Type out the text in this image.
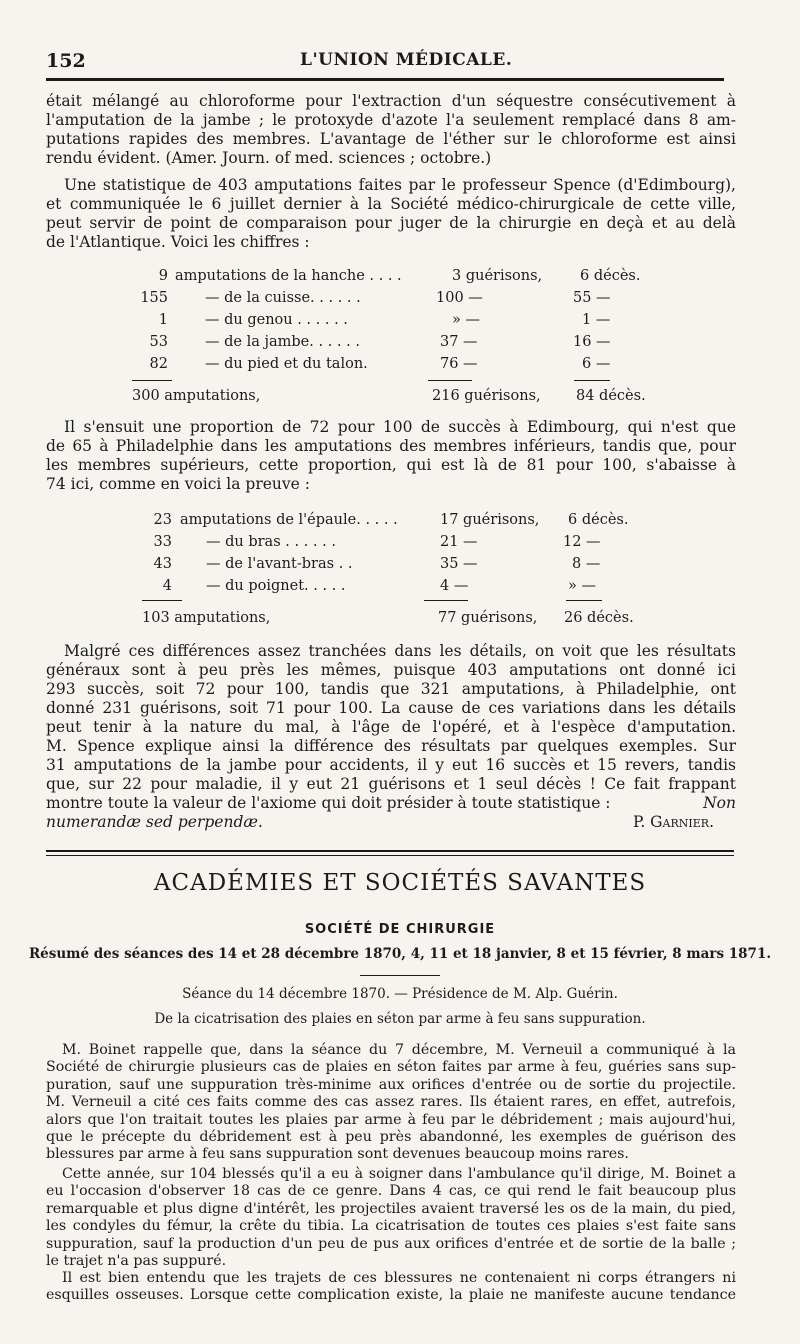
152	L'UNION MÉDICALE.
était mélangé au chloroforme pour l'extraction d'un séquestre consécutivement à
l'amputation de la jambe ; le protoxyde d'azote l'a seulement remplacé dans 8 am-
putations rapides des membres. L'avantage de l'éther sur le chloroforme est ainsi
rendu évident. (Amer. Journ. of med. sciences ; octobre.)
Une statistique de 403 amputations faites par le professeur Spence (d'Edimbourg),
et communiquée le 6 juillet dernier à la Société médico-chirurgicale de cette ville,
peut servir de point de comparaison pour juger de la chirurgie en deçà et au delà
de l'Atlantique. Voici les chiffres :
9 amputations de la hanche . . . .	3 guérisons,	6 décès.
155	— de la cuisse. . . . . .	100 —	55 —
1	— du genou . . . . . .	» —	1 —
53	— de la jambe. . . . . .	37 —	16 —
82	— du pied et du talon.	76 —	6 —
300 amputations,	216 guérisons, 84 décès.
Il s'ensuit une proportion de 72 pour 100 de succès à Edimbourg, qui n'est que
de 65 à Philadelphie dans les amputations des membres inférieurs, tandis que, pour
les membres supérieurs, cette proportion, qui est là de 81 pour 100, s'abaisse à
74 ici, comme en voici la preuve :
23 amputations de l'épaule. . . . .	17 guérisons, 6 décès.
33 — du bras . . . . . .	21 —	12 —
43 — de l'avant-bras . .	35 —	8 —
4 — du poignet. . . . .	4 —	» —
103 amputations,	77 guérisons, 26 décès.
Malgré ces différences assez tranchées dans les détails, on voit que les résultats
généraux sont à peu près les mêmes, puisque 403 amputations ont donné ici
293 succès, soit 72 pour 100, tandis que 321 amputations, à Philadelphie, ont
donné 231 guérisons, soit 71 pour 100. La cause de ces variations dans les détails
peut tenir à la nature du mal, à l'âge de l'opéré, et à l'espèce d'amputation.
M. Spence explique ainsi la différence des résultats par quelques exemples. Sur
31 amputations de la jambe pour accidents, il y eut 16 succès et 15 revers, tandis
que, sur 22 pour maladie, il y eut 21 guérisons et 1 seul décès ! Ce fait frappant
montre toute la valeur de l'axiome qui doit présider à toute statistique :	Non
numerandæ sed perpendæ.	P. Garnier.
ACADÉMIES ET SOCIÉTÉS SAVANTES
SOCIÉTÉ DE CHIRURGIE
Résumé des séances des 14 et 28 décembre 1870, 4, 11 et 18 janvier, 8 et 15 février, 8 mars 1871.
Séance du 14 décembre 1870. — Présidence de M. Alp. Guérin.
De la cicatrisation des plaies en séton par arme à feu sans suppuration.
M. Boinet rappelle que, dans la séance du 7 décembre, M. Verneuil a communiqué à la
Société de chirurgie plusieurs cas de plaies en séton faites par arme à feu, guéries sans sup-
puration, sauf une suppuration très-minime aux orifices d'entrée ou de sortie du projectile.
M. Verneuil a cité ces faits comme des cas assez rares. Ils étaient rares, en effet, autrefois,
alors que l'on traitait toutes les plaies par arme à feu par le débridement ; mais aujourd'hui,
que le précepte du débridement est à peu près abandonné, les exemples de guérison des
blessures par arme à feu sans suppuration sont devenues beaucoup moins rares.
Cette année, sur 104 blessés qu'il a eu à soigner dans l'ambulance qu'il dirige, M. Boinet a
eu l'occasion d'observer 18 cas de ce genre. Dans 4 cas, ce qui rend le fait beaucoup plus
remarquable et plus digne d'intérêt, les projectiles avaient traversé les os de la main, du pied,
les condyles du fémur, la crête du tibia. La cicatrisation de toutes ces plaies s'est faite sans
suppuration, sauf la production d'un peu de pus aux orifices d'entrée et de sortie de la balle ;
le trajet n'a pas suppuré.
Il est bien entendu que les trajets de ces blessures ne contenaient ni corps étrangers ni
esquilles osseuses. Lorsque cette complication existe, la plaie ne manifeste aucune tendance
